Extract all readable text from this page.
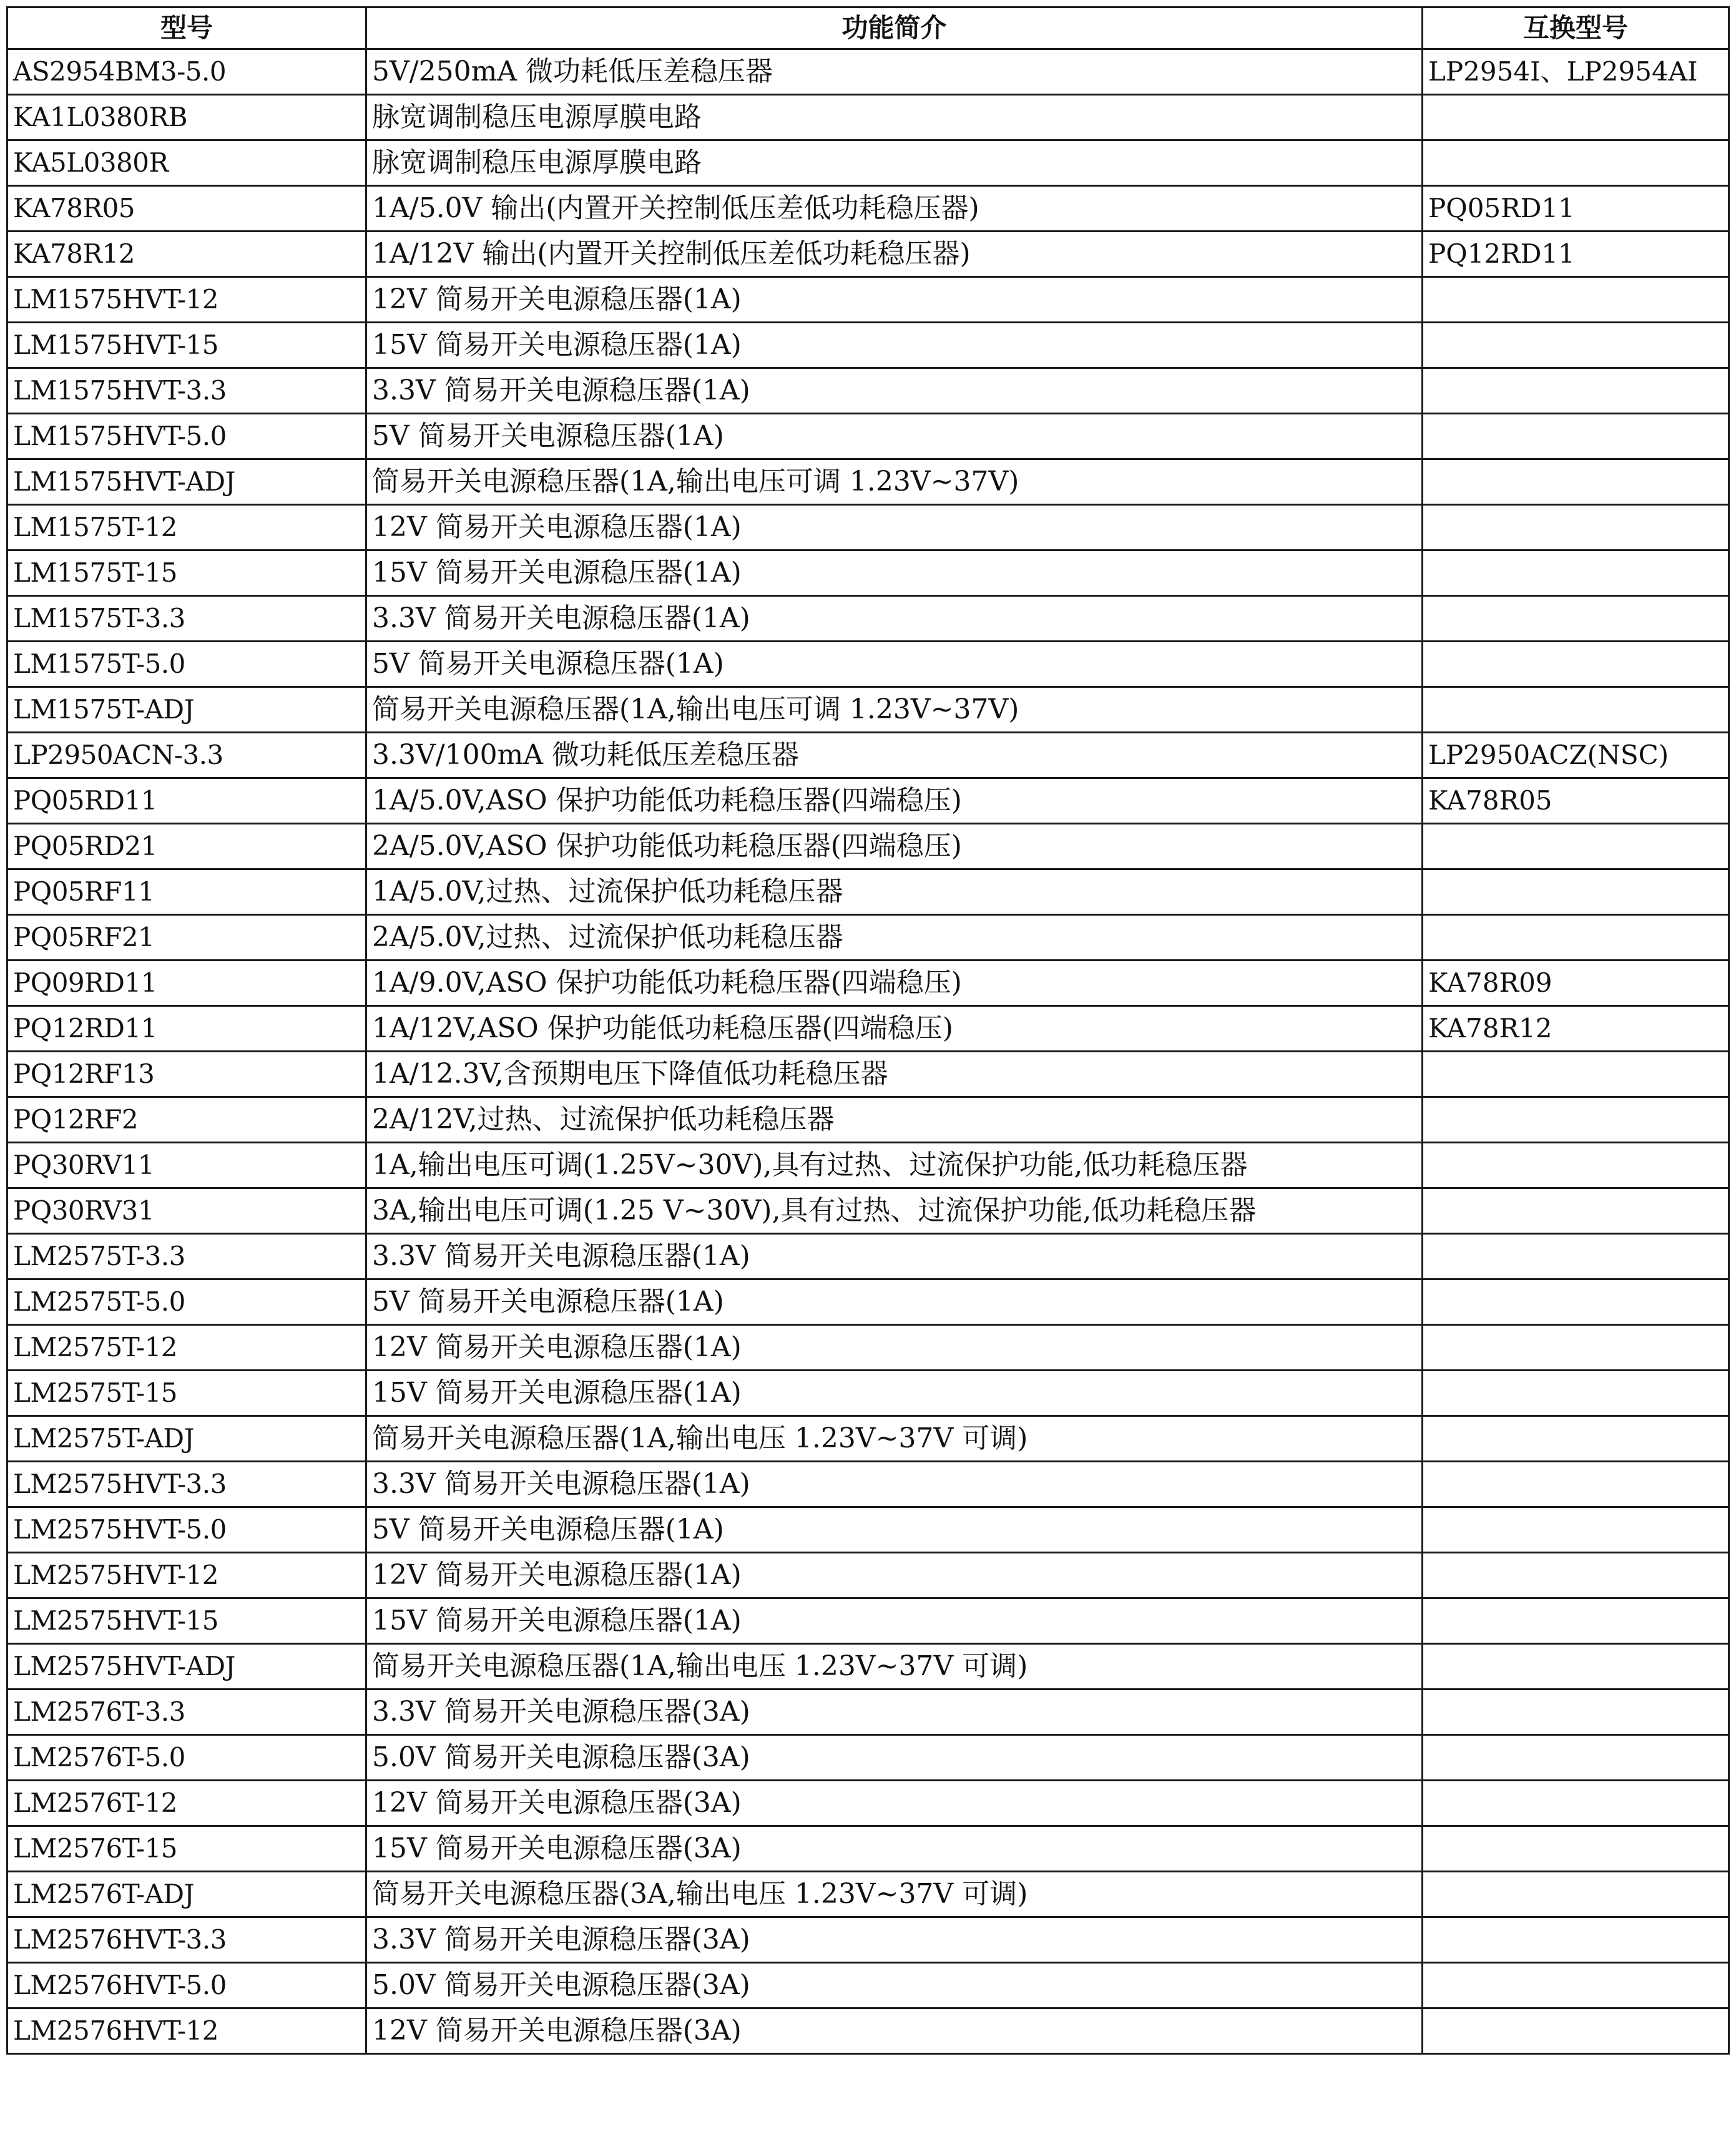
型号	功能简介	互换型号
AS2954BM3-5.0	5V/250mA 微功耗低压差稳压器	LP2954I、LP2954AI
KA1L0380RB	脉宽调制稳压电源厚膜电路	
KA5L0380R	脉宽调制稳压电源厚膜电路	
KA78R05	1A/5.0V 输出(内置开关控制低压差低功耗稳压器)	PQ05RD11
KA78R12	1A/12V 输出(内置开关控制低压差低功耗稳压器)	PQ12RD11
LM1575HVT-12	12V 简易开关电源稳压器(1A)	
LM1575HVT-15	15V 简易开关电源稳压器(1A)	
LM1575HVT-3.3	3.3V 简易开关电源稳压器(1A)	
LM1575HVT-5.0	5V 简易开关电源稳压器(1A)	
LM1575HVT-ADJ	简易开关电源稳压器(1A,输出电压可调 1.23V~37V)	
LM1575T-12	12V 简易开关电源稳压器(1A)	
LM1575T-15	15V 简易开关电源稳压器(1A)	
LM1575T-3.3	3.3V 简易开关电源稳压器(1A)	
LM1575T-5.0	5V 简易开关电源稳压器(1A)	
LM1575T-ADJ	简易开关电源稳压器(1A,输出电压可调 1.23V~37V)	
LP2950ACN-3.3	3.3V/100mA 微功耗低压差稳压器	LP2950ACZ(NSC)
PQ05RD11	1A/5.0V,ASO 保护功能低功耗稳压器(四端稳压)	KA78R05
PQ05RD21	2A/5.0V,ASO 保护功能低功耗稳压器(四端稳压)	
PQ05RF11	1A/5.0V,过热、过流保护低功耗稳压器	
PQ05RF21	2A/5.0V,过热、过流保护低功耗稳压器	
PQ09RD11	1A/9.0V,ASO 保护功能低功耗稳压器(四端稳压)	KA78R09
PQ12RD11	1A/12V,ASO 保护功能低功耗稳压器(四端稳压)	KA78R12
PQ12RF13	1A/12.3V,含预期电压下降值低功耗稳压器	
PQ12RF2	2A/12V,过热、过流保护低功耗稳压器	
PQ30RV11	1A,输出电压可调(1.25V~30V),具有过热、过流保护功能,低功耗稳压器	
PQ30RV31	3A,输出电压可调(1.25 V~30V),具有过热、过流保护功能,低功耗稳压器	
LM2575T-3.3	3.3V 简易开关电源稳压器(1A)	
LM2575T-5.0	5V 简易开关电源稳压器(1A)	
LM2575T-12	12V 简易开关电源稳压器(1A)	
LM2575T-15	15V 简易开关电源稳压器(1A)	
LM2575T-ADJ	简易开关电源稳压器(1A,输出电压 1.23V~37V 可调)	
LM2575HVT-3.3	3.3V 简易开关电源稳压器(1A)	
LM2575HVT-5.0	5V 简易开关电源稳压器(1A)	
LM2575HVT-12	12V 简易开关电源稳压器(1A)	
LM2575HVT-15	15V 简易开关电源稳压器(1A)	
LM2575HVT-ADJ	简易开关电源稳压器(1A,输出电压 1.23V~37V 可调)	
LM2576T-3.3	3.3V 简易开关电源稳压器(3A)	
LM2576T-5.0	5.0V 简易开关电源稳压器(3A)	
LM2576T-12	12V 简易开关电源稳压器(3A)	
LM2576T-15	15V 简易开关电源稳压器(3A)	
LM2576T-ADJ	简易开关电源稳压器(3A,输出电压 1.23V~37V 可调)	
LM2576HVT-3.3	3.3V 简易开关电源稳压器(3A)	
LM2576HVT-5.0	5.0V 简易开关电源稳压器(3A)	
LM2576HVT-12	12V 简易开关电源稳压器(3A)	
